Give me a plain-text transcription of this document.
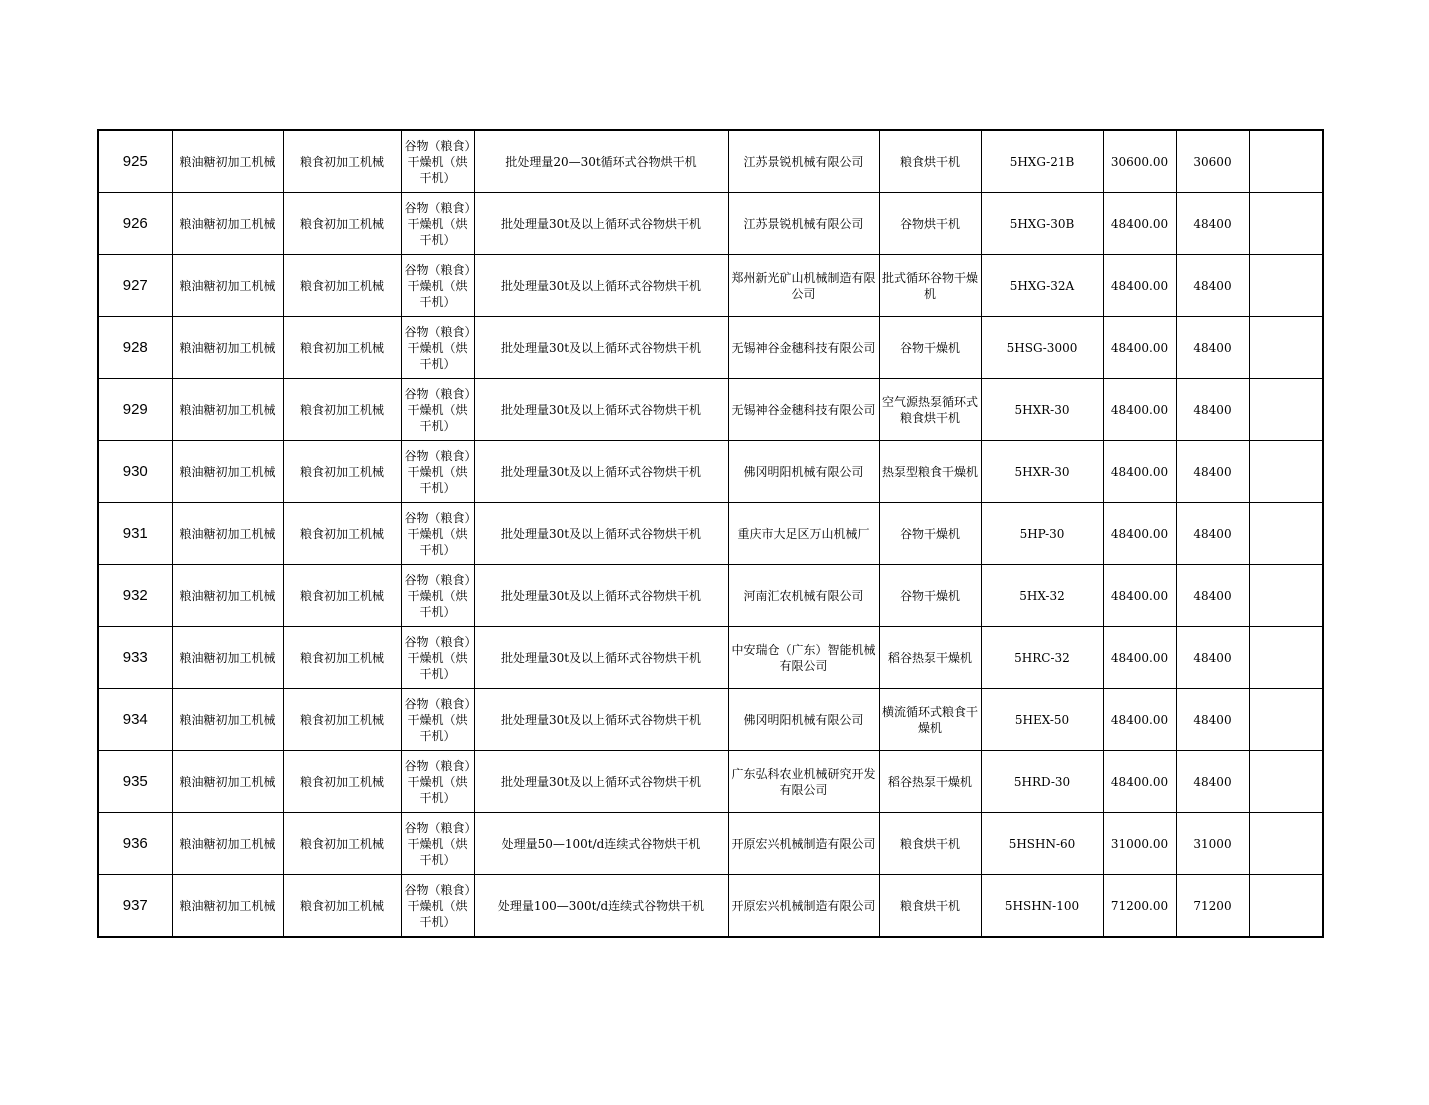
925	粮油糖初加工机械	粮食初加工机械	谷物（粮食）干燥机（烘干机）	批处理量20—30t循环式谷物烘干机	江苏景锐机械有限公司	粮食烘干机	5HXG-21B	30600.00	30600	
926	粮油糖初加工机械	粮食初加工机械	谷物（粮食）干燥机（烘干机）	批处理量30t及以上循环式谷物烘干机	江苏景锐机械有限公司	谷物烘干机	5HXG-30B	48400.00	48400	
927	粮油糖初加工机械	粮食初加工机械	谷物（粮食）干燥机（烘干机）	批处理量30t及以上循环式谷物烘干机	郑州新光矿山机械制造有限公司	批式循环谷物干燥机	5HXG-32A	48400.00	48400	
928	粮油糖初加工机械	粮食初加工机械	谷物（粮食）干燥机（烘干机）	批处理量30t及以上循环式谷物烘干机	无锡神谷金穗科技有限公司	谷物干燥机	5HSG-3000	48400.00	48400	
929	粮油糖初加工机械	粮食初加工机械	谷物（粮食）干燥机（烘干机）	批处理量30t及以上循环式谷物烘干机	无锡神谷金穗科技有限公司	空气源热泵循环式粮食烘干机	5HXR-30	48400.00	48400	
930	粮油糖初加工机械	粮食初加工机械	谷物（粮食）干燥机（烘干机）	批处理量30t及以上循环式谷物烘干机	佛冈明阳机械有限公司	热泵型粮食干燥机	5HXR-30	48400.00	48400	
931	粮油糖初加工机械	粮食初加工机械	谷物（粮食）干燥机（烘干机）	批处理量30t及以上循环式谷物烘干机	重庆市大足区万山机械厂	谷物干燥机	5HP-30	48400.00	48400	
932	粮油糖初加工机械	粮食初加工机械	谷物（粮食）干燥机（烘干机）	批处理量30t及以上循环式谷物烘干机	河南汇农机械有限公司	谷物干燥机	5HX-32	48400.00	48400	
933	粮油糖初加工机械	粮食初加工机械	谷物（粮食）干燥机（烘干机）	批处理量30t及以上循环式谷物烘干机	中安瑞仓（广东）智能机械有限公司	稻谷热泵干燥机	5HRC-32	48400.00	48400	
934	粮油糖初加工机械	粮食初加工机械	谷物（粮食）干燥机（烘干机）	批处理量30t及以上循环式谷物烘干机	佛冈明阳机械有限公司	横流循环式粮食干燥机	5HEX-50	48400.00	48400	
935	粮油糖初加工机械	粮食初加工机械	谷物（粮食）干燥机（烘干机）	批处理量30t及以上循环式谷物烘干机	广东弘科农业机械研究开发有限公司	稻谷热泵干燥机	5HRD-30	48400.00	48400	
936	粮油糖初加工机械	粮食初加工机械	谷物（粮食）干燥机（烘干机）	处理量50—100t/d连续式谷物烘干机	开原宏兴机械制造有限公司	粮食烘干机	5HSHN-60	31000.00	31000	
937	粮油糖初加工机械	粮食初加工机械	谷物（粮食）干燥机（烘干机）	处理量100—300t/d连续式谷物烘干机	开原宏兴机械制造有限公司	粮食烘干机	5HSHN-100	71200.00	71200	
